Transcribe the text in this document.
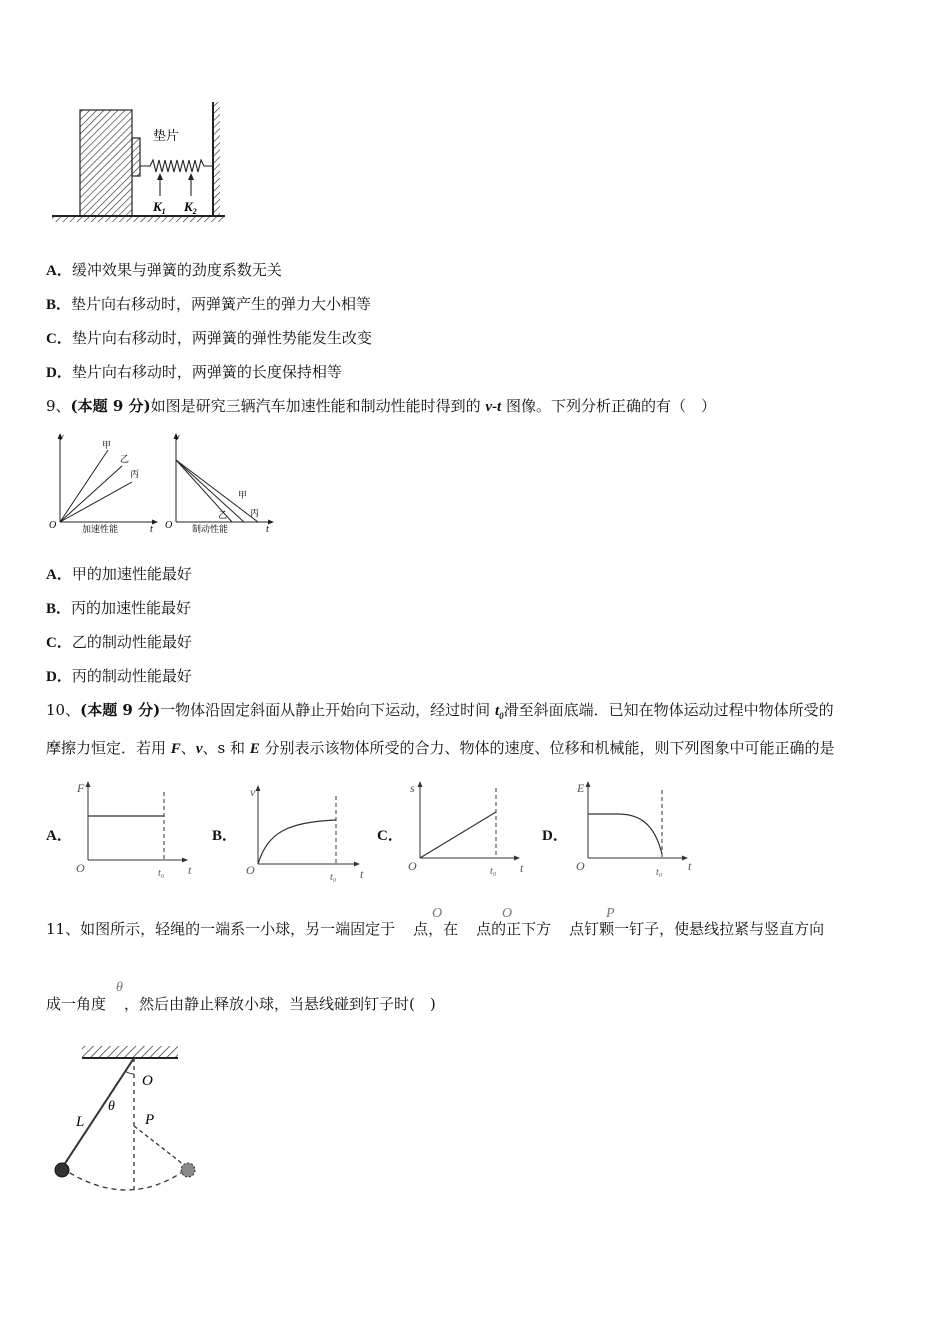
垫片
$K_1$ $K_2$
A．缓冲效果与弹簧的劲度系数无关
B．垫片向右移动时，两弹簧产生的弹力大小相等
C．垫片向右移动时，两弹簧的弹性势能发生改变
D．垫片向右移动时，两弹簧的长度保持相等
9、(本题 9 分)如图是研究三辆汽车加速性能和制动性能时得到的 v-t 图像。下列分析正确的有（　）
v
t
O
甲
乙
丙
加速性能
v
t
O
甲
乙	丙
制动性能
A．甲的加速性能最好
B．丙的加速性能最好
C．乙的制动性能最好
D．丙的制动性能最好
10、(本题 9 分)一物体沿固定斜面从静止开始向下运动，经过时间 $t_0$滑至斜面底端．已知在物体运动过程中物体所受的
摩擦力恒定．若用 F、v、s 和 E 分别表示该物体所受的合力、物体的速度、位移和机械能，则下列图象中可能正确的是
A．
F
O	t
t₀
B．
v
O	t
t₀
C．
s
O	t
t₀
D．
E
O	t
t₀
11、如图所示，轻绳的一端系一小球，另一端固定于 点，在 点的正下方 点钉颗一钉子，使悬线拉紧与竖直方向
O	O	P
成一角度 ，然后由静止释放小球，当悬线碰到钉子时(　)
θ
O
L
θ
P
